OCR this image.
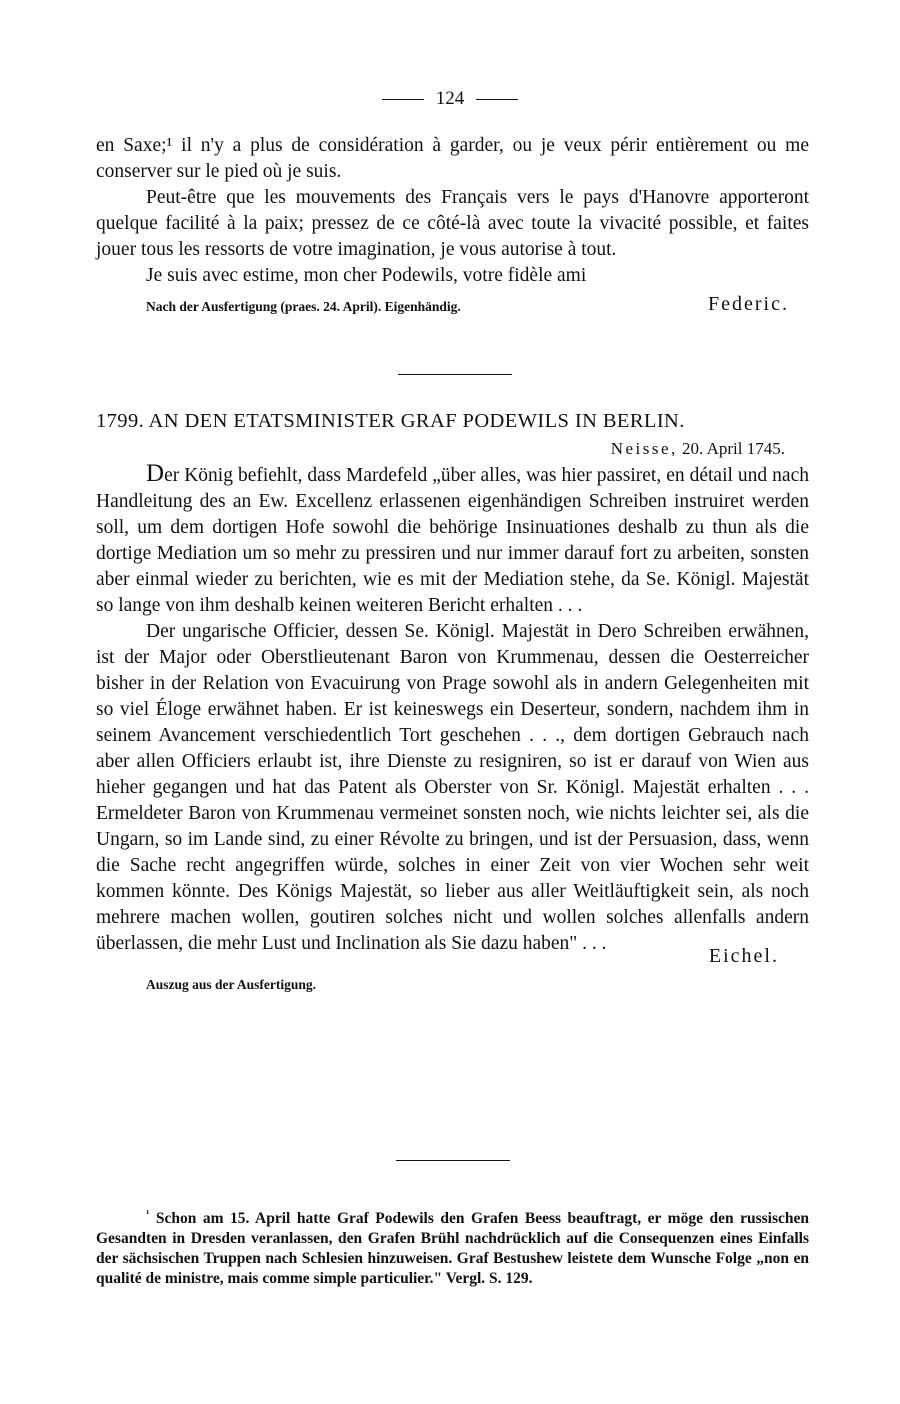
124

en Saxe;¹ il n'y a plus de considération à garder, ou je veux périr entièrement ou me conserver sur le pied où je suis.

Peut-être que les mouvements des Français vers le pays d'Hanovre apporteront quelque facilité à la paix; pressez de ce côté-là avec toute la vivacité possible, et faites jouer tous les ressorts de votre imagination, je vous autorise à tout.

Je suis avec estime, mon cher Podewils, votre fidèle ami

Nach der Ausfertigung (praes. 24. April). Eigenhändig.	Federic.
1799. AN DEN ETATSMINISTER GRAF PODEWILS IN BERLIN.
Neisse, 20. April 1745.

Der König befiehlt, dass Mardefeld „über alles, was hier passiret, en détail und nach Handleitung des an Ew. Excellenz erlassenen eigenhändigen Schreiben instruiret werden soll, um dem dortigen Hofe sowohl die behörige Insinuationes deshalb zu thun als die dortige Mediation um so mehr zu pressiren und nur immer darauf fort zu arbeiten, sonsten aber einmal wieder zu berichten, wie es mit der Mediation stehe, da Se. Königl. Majestät so lange von ihm deshalb keinen weiteren Bericht erhalten . . .

Der ungarische Officier, dessen Se. Königl. Majestät in Dero Schreiben erwähnen, ist der Major oder Oberstlieutenant Baron von Krummenau, dessen die Oesterreicher bisher in der Relation von Evacuirung von Prage sowohl als in andern Gelegenheiten mit so viel Éloge erwähnet haben. Er ist keineswegs ein Deserteur, sondern, nachdem ihm in seinem Avancement verschiedentlich Tort geschehen . . ., dem dortigen Gebrauch nach aber allen Officiers erlaubt ist, ihre Dienste zu resigniren, so ist er darauf von Wien aus hieher gegangen und hat das Patent als Oberster von Sr. Königl. Majestät erhalten . . . Ermeldeter Baron von Krummenau vermeinet sonsten noch, wie nichts leichter sei, als die Ungarn, so im Lande sind, zu einer Révolte zu bringen, und ist der Persuasion, dass, wenn die Sache recht angegriffen würde, solches in einer Zeit von vier Wochen sehr weit kommen könnte. Des Königs Majestät, so lieber aus aller Weitläuftigkeit sein, als noch mehrere machen wollen, goutiren solches nicht und wollen solches allenfalls andern überlassen, die mehr Lust und Inclination als Sie dazu haben" . . .

Eichel.
Auszug aus der Ausfertigung.

$^{^1}$ Schon am 15. April hatte Graf Podewils den Grafen Beess beauftragt, er möge den russischen Gesandten in Dresden veranlassen, den Grafen Brühl nachdrücklich auf die Consequenzen eines Einfalls der sächsischen Truppen nach Schlesien hinzuweisen. Graf Bestushew leistete dem Wunsche Folge „non en qualité de ministre, mais comme simple particulier." Vergl. S. 129.
